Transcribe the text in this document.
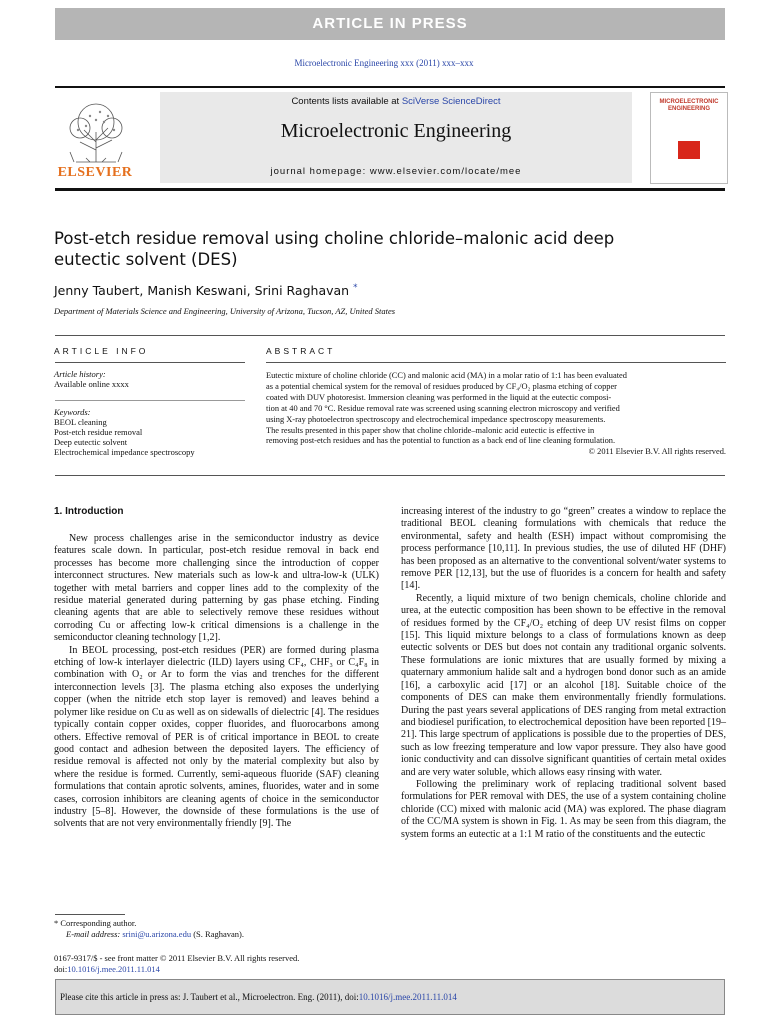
ARTICLE IN PRESS
Microelectronic Engineering xxx (2011) xxx–xxx
ELSEVIER
Contents lists available at SciVerse ScienceDirect
Microelectronic Engineering
journal homepage: www.elsevier.com/locate/mee
MICROELECTRONIC ENGINEERING
Post-etch residue removal using choline chloride–malonic acid deep
eutectic solvent (DES)
Jenny Taubert, Manish Keswani, Srini Raghavan *
Department of Materials Science and Engineering, University of Arizona, Tucson, AZ, United States
ARTICLE INFO	ABSTRACT
Article history:
Available online xxxx
Keywords:
BEOL cleaning
Post-etch residue removal
Deep eutectic solvent
Electrochemical impedance spectroscopy
Eutectic mixture of choline chloride (CC) and malonic acid (MA) in a molar ratio of 1:1 has been evaluated
as a potential chemical system for the removal of residues produced by CF₄/O₂ plasma etching of copper
coated with DUV photoresist. Immersion cleaning was performed in the liquid at the eutectic composi-
tion at 40 and 70 °C. Residue removal rate was screened using scanning electron microscopy and verified
using X-ray photoelectron spectroscopy and electrochemical impedance spectroscopy measurements.
The results presented in this paper show that choline chloride–malonic acid eutectic is effective in
removing post-etch residues and has the potential to function as a back end of line cleaning formulation.
© 2011 Elsevier B.V. All rights reserved.
1. Introduction

New process challenges arise in the semiconductor industry as device features scale down. In particular, post-etch residue removal in back end processes has become more challenging since the introduction of copper interconnect structures. New materials such as low-k and ultra-low-k (ULK) together with metal barriers and copper lines add to the complexity of the residue material generated during patterning by gas phase etching. Finding cleaning agents that are able to selectively remove these residues without corroding Cu or affecting low-k critical dimensions is a challenge in the semiconductor cleaning technology [1,2].

In BEOL processing, post-etch residues (PER) are formed during plasma etching of low-k interlayer dielectric (ILD) layers using CF₄, CHF₃ or C₄F₈ in combination with O₂ or Ar to form the vias and trenches for the different interconnection levels [3]. The plasma etching also exposes the underlying copper (when the nitride etch stop layer is removed) and leaves behind a polymer like residue on Cu as well as on sidewalls of dielectric [4]. The residues typically contain copper oxides, copper fluorides, and fluorocarbons among others. Effective removal of PER is of critical importance in BEOL to create good contact and adhesion between the deposited layers. The efficiency of residue removal is affected not only by the material complexity but also by where the residue is formed. Currently, semi-aqueous fluoride (SAF) cleaning formulations that contain aprotic solvents, amines, fluorides, water and in some cases, corrosion inhibitors are cleaning agents of choice in the semiconductor industry [5–8]. However, the downside of these formulations is the use of solvents that are not very environmentally friendly [9]. The

increasing interest of the industry to go “green” creates a window to replace the traditional BEOL cleaning formulations with chemicals that reduce the environmental, safety and health (ESH) impact without compromising the process performance [10,11]. In previous studies, the use of diluted HF (DHF) has been proposed as an alternative to the conventional solvent/water systems to remove PER [12,13], but the use of fluorides is a concern for health and safety [14].

Recently, a liquid mixture of two benign chemicals, choline chloride and urea, at the eutectic composition has been shown to be effective in the removal of residues formed by the CF₄/O₂ etching of deep UV resist films on copper [15]. This liquid mixture belongs to a class of formulations known as deep eutectic solvents or DES but does not contain any traditional organic solvents. These formulations are ionic mixtures that are usually formed by mixing a quaternary ammonium halide salt and a hydrogen bond donor such as an amide [16], a carboxylic acid [17] or an alcohol [18]. Suitable choice of the components of DES can make them environmentally friendly formulations. During the past years several applications of DES ranging from metal extraction and biodiesel purification, to electrochemical deposition have been reported [19–21]. This large spectrum of applications is possible due to the properties of DES, such as low freezing temperature and low vapor pressure. They also have good ionic conductivity and can dissolve significant quantities of certain metal oxides and are very water soluble, which allows easy rinsing with water.

Following the preliminary work of replacing traditional solvent based formulations for PER removal with DES, the use of a system containing choline chloride (CC) mixed with malonic acid (MA) was explored. The phase diagram of the CC/MA system is shown in Fig. 1. As may be seen from this diagram, the system forms an eutectic at a 1:1 M ratio of the constituents and the eutectic

* Corresponding author.
E-mail address: srini@u.arizona.edu (S. Raghavan).
0167-9317/$ - see front matter © 2011 Elsevier B.V. All rights reserved.
doi:10.1016/j.mee.2011.11.014
Please cite this article in press as: J. Taubert et al., Microelectron. Eng. (2011), doi:10.1016/j.mee.2011.11.014
